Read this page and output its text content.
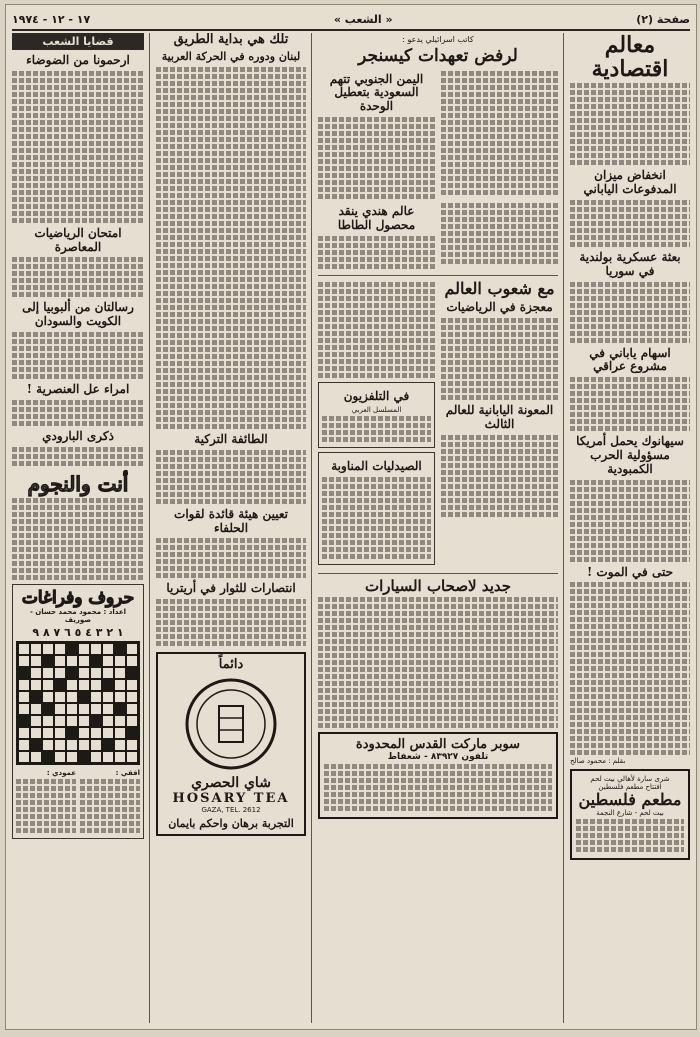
صفحة (٢)
« الشعب »
١٧ - ١٢ - ١٩٧٤
معالم اقتصادية
انخفاض ميزان المدفوعات الياباني
بعثة عسكرية بولندية في سوريا
اسهام ياباني في مشروع عراقي
سيهانوك يحمل أمريكا مسؤولية الحرب الكمبودية
حتى في الموت !
بقلم : محمود صالح
شرى سارة لأهالي بيت لحم
افتتاح مطعم فلسطين
مطعم فلسطين
بيت لحم - شارع النجمة
كاتب اسرائيلي يدعو :
لرفض تعهدات كيسنجر
اليمن الجنوبي تتهم السعودية بتعطيل الوحدة
عالم هندي ينقد محصول الطاطا
مع شعوب العالم
معجزة في الرياضيات
المعونة اليابانية للعالم الثالث
في التلفزيون
المسلسل العربي
الصيدليات المناوبة
جديد لاصحاب السيارات
سوبر ماركت القدس المحدودة
تلفون ٨٣٩٢٧ - شعفاط
تلك هي بداية الطريق
لبنان ودوره في الحركة العربية
الطائفة التركية
تعيين هيئة قائدة لقوات الحلفاء
انتصارات للثوار في أريتريا
دائماً
شاي الحصري
HOSARY TEA
GAZA, TEL. 2612
التجربة برهان واحكم بايمان
قضايا الشعب
ارحمونا من الضوضاء
امتحان الرياضيات المعاصرة
رسالتان من ألبوبيا إلى الكويت والسودان
امراء عل العنصرية !
ذكرى البارودي
أنت والنجوم
حروف وفراغات
اعداد : محمود محمد حسان - صوريف
١ ٢ ٣ ٤ ٥ ٦ ٧ ٨ ٩
افقي :
عمودي :
